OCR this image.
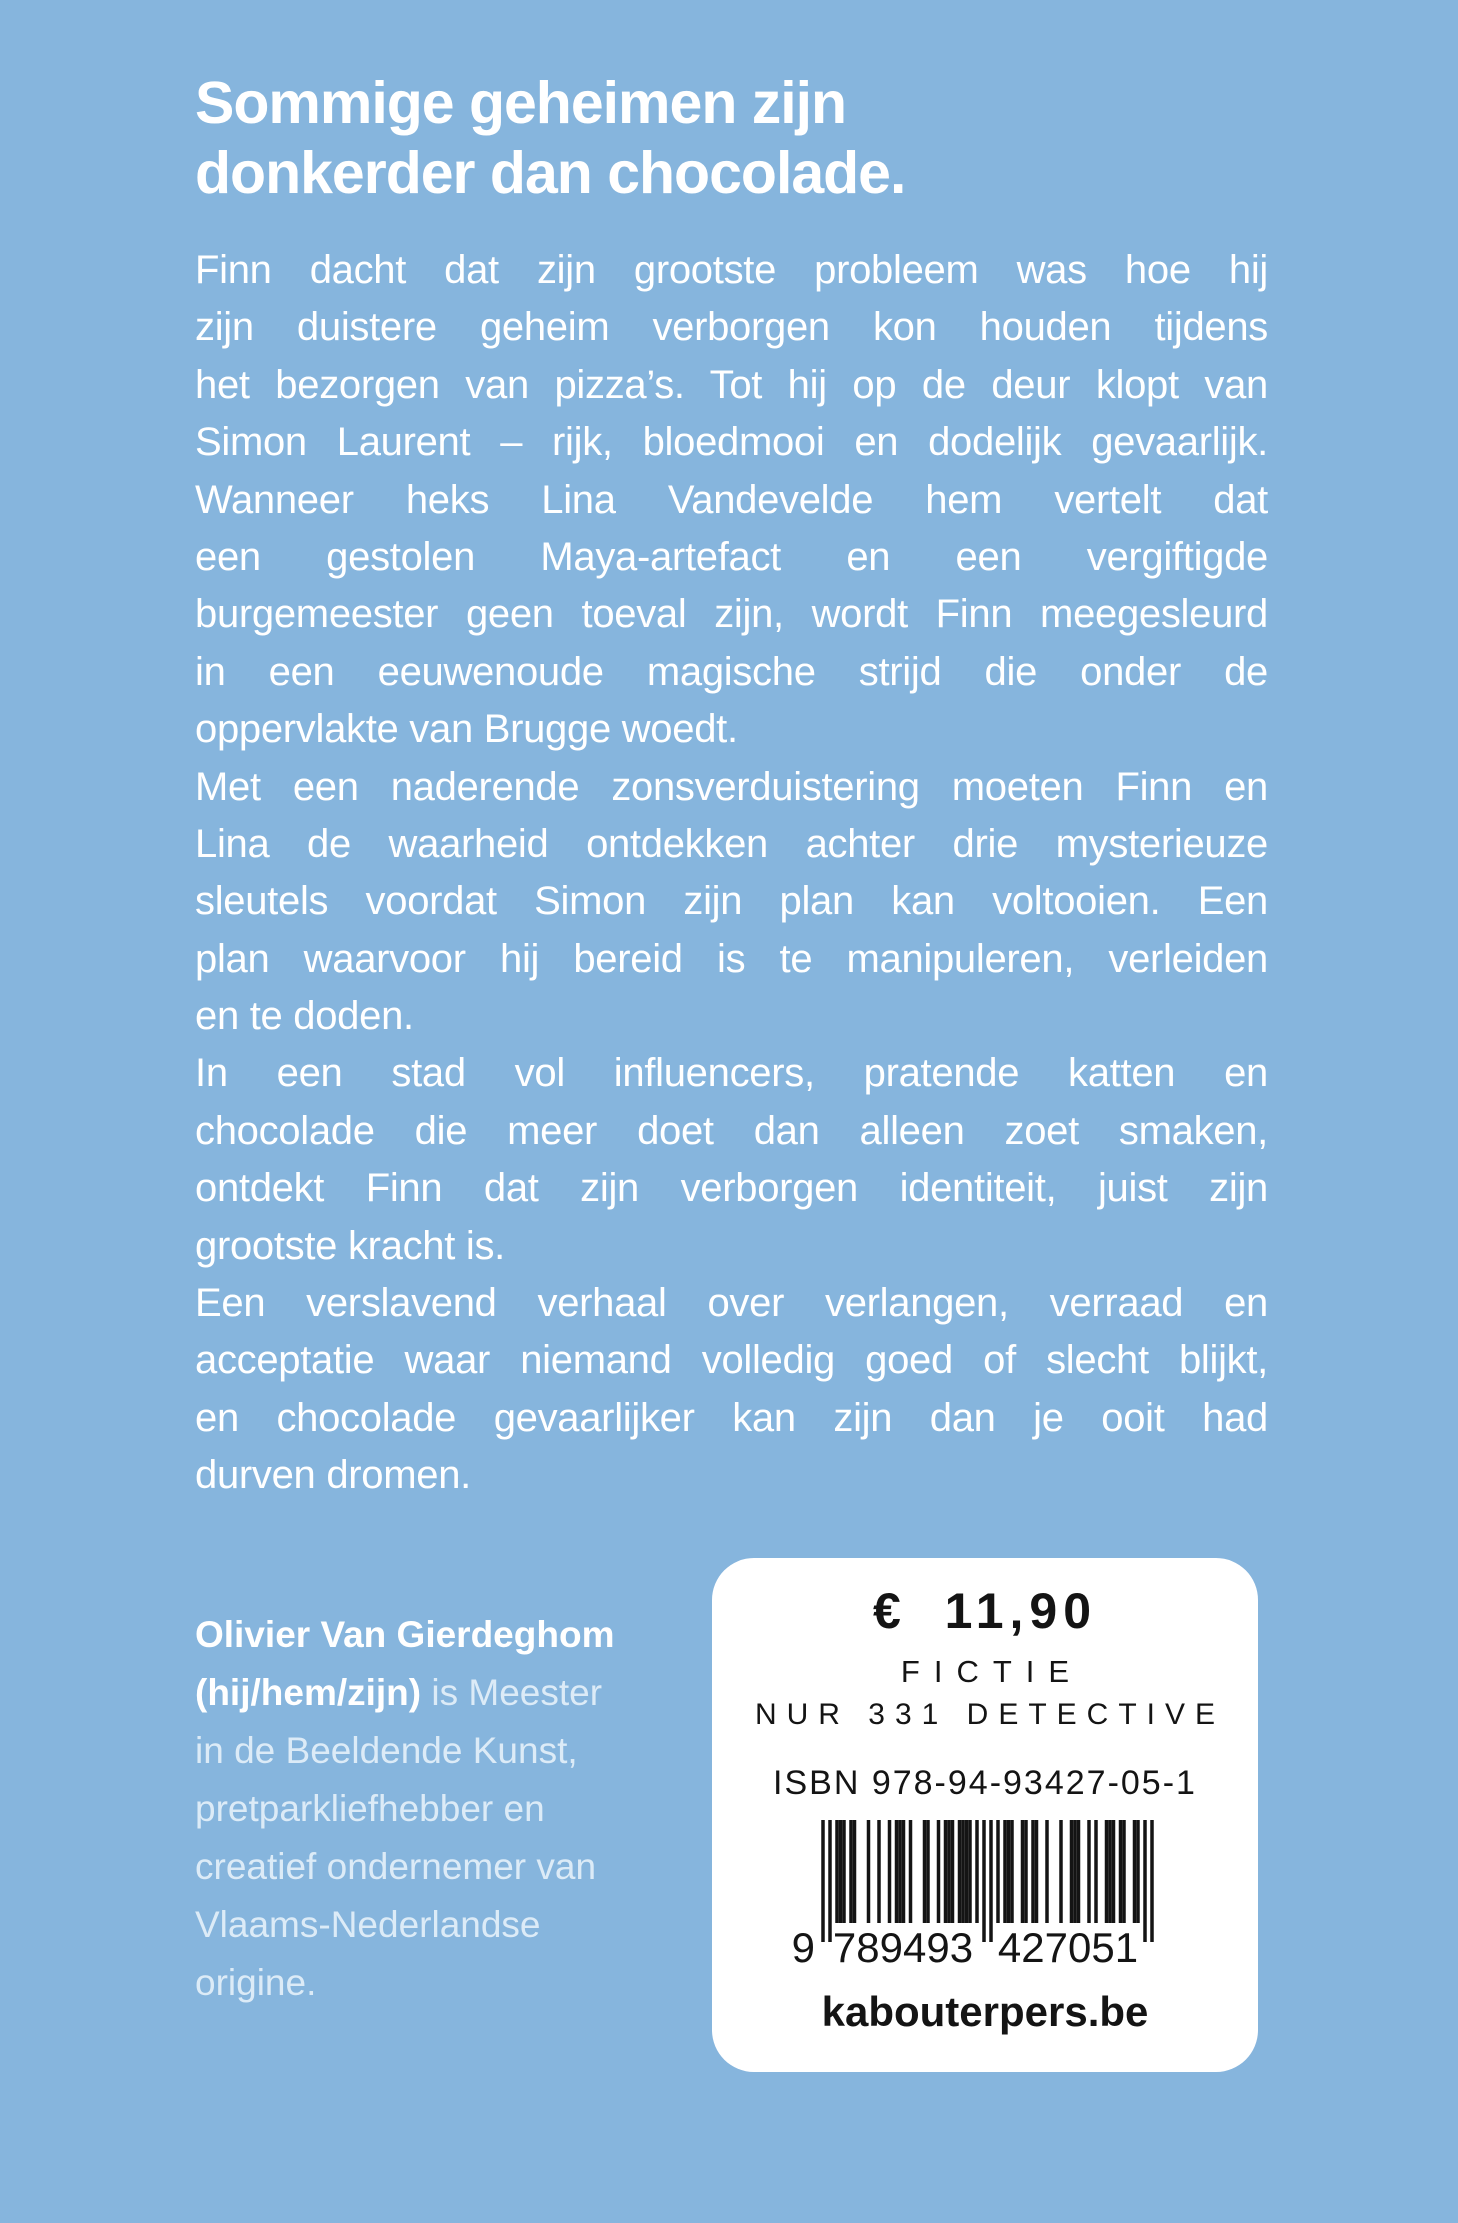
Sommige geheimen zijn
donkerder dan chocolade.
Finn dacht dat zijn grootste probleem was hoe hij
zijn duistere geheim verborgen kon houden tijdens
het bezorgen van pizza’s. Tot hij op de deur klopt van
Simon Laurent – rijk, bloedmooi en dodelijk gevaarlijk.
Wanneer heks Lina Vandevelde hem vertelt dat
een gestolen Maya-artefact en een vergiftigde
burgemeester geen toeval zijn, wordt Finn meegesleurd
in een eeuwenoude magische strijd die onder de
oppervlakte van Brugge woedt.
Met een naderende zonsverduistering moeten Finn en
Lina de waarheid ontdekken achter drie mysterieuze
sleutels voordat Simon zijn plan kan voltooien. Een
plan waarvoor hij bereid is te manipuleren, verleiden
en te doden.
In een stad vol influencers, pratende katten en
chocolade die meer doet dan alleen zoet smaken,
ontdekt Finn dat zijn verborgen identiteit, juist zijn
grootste kracht is.
Een verslavend verhaal over verlangen, verraad en
acceptatie waar niemand volledig goed of slecht blijkt,
en chocolade gevaarlijker kan zijn dan je ooit had
durven dromen.
Olivier Van Gierdeghom
(hij/hem/zijn) is Meester
in de Beeldende Kunst,
pretparkliefhebber en
creatief ondernemer van
Vlaams-Nederlandse
origine.
€ 11,90
FICTIE
NUR 331 DETECTIVE
ISBN 978-94-93427-05-1
9 789493 427051
kabouterpers.be
